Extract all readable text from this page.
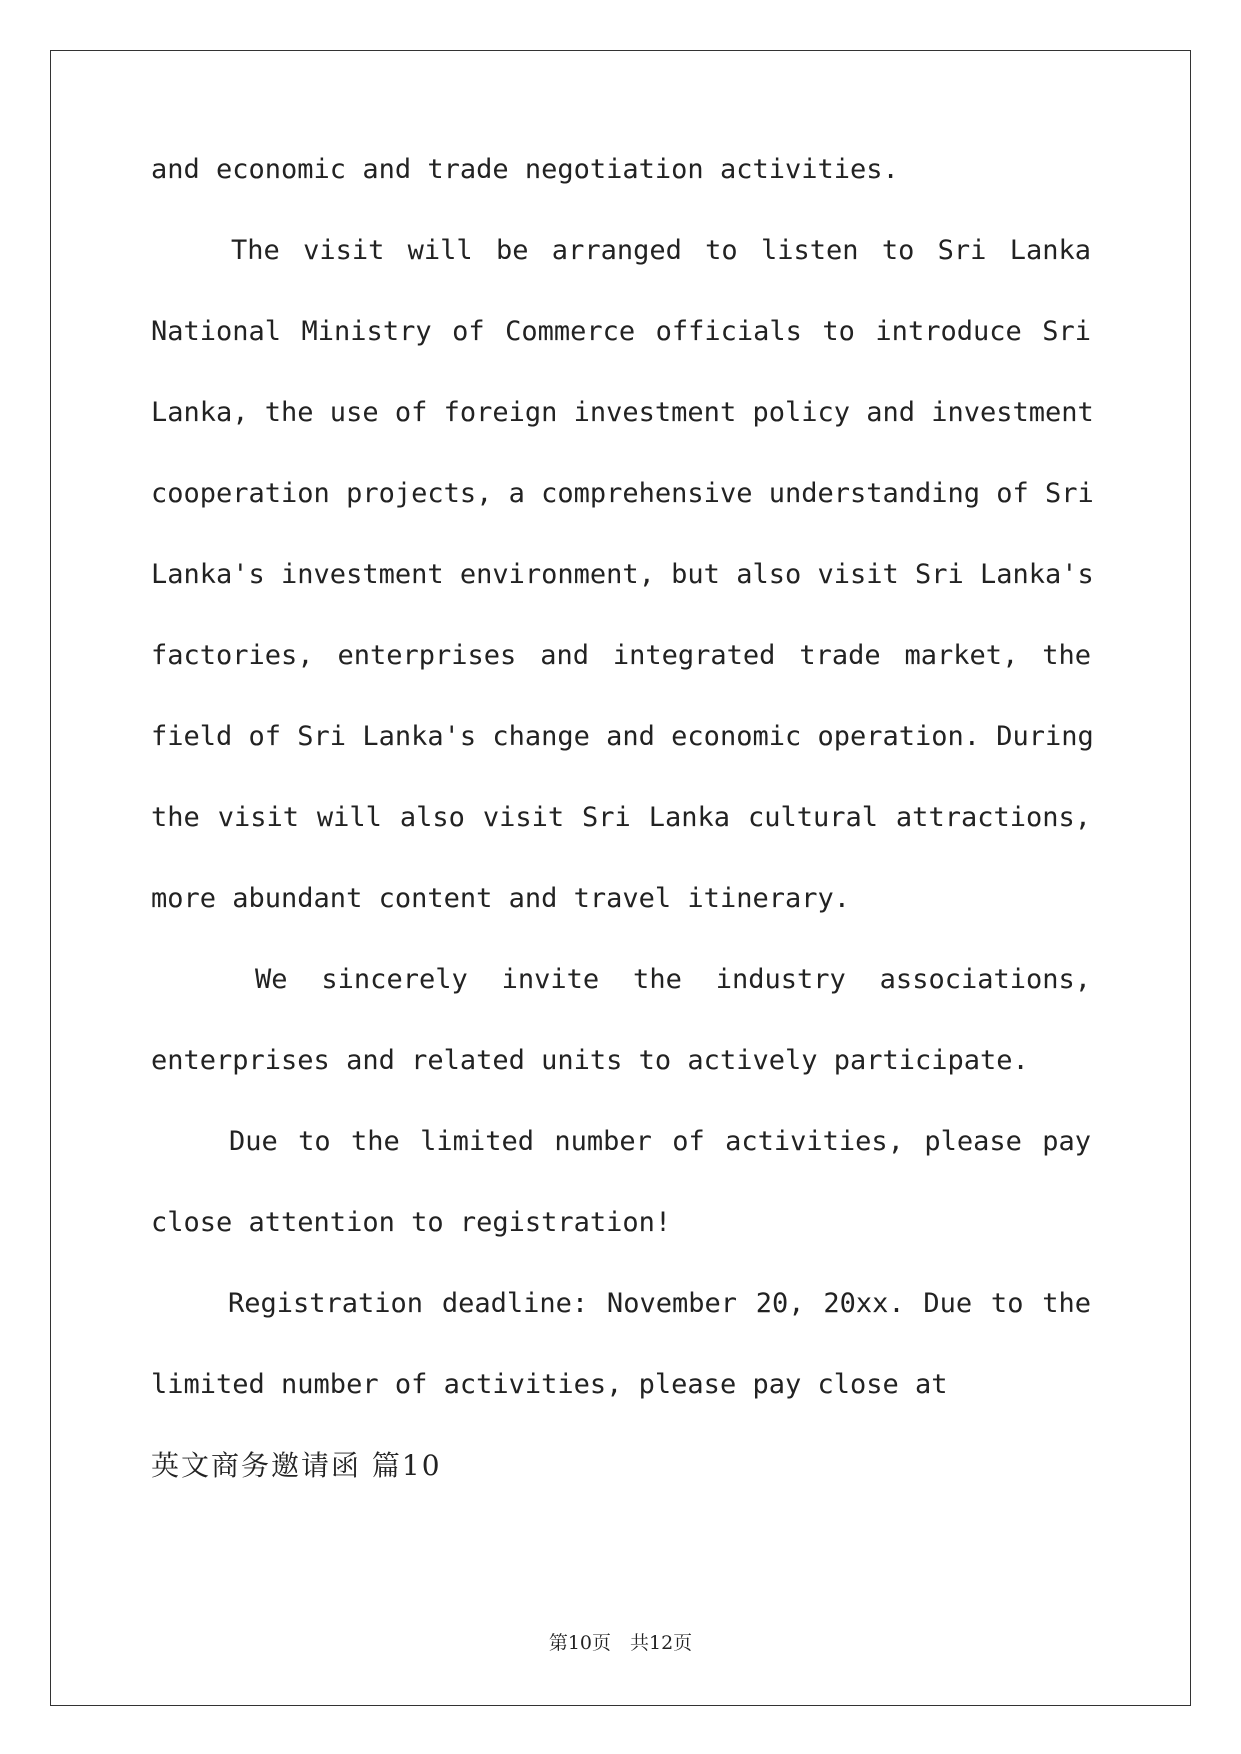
and economic and trade negotiation activities.
The visit will be arranged to listen to Sri Lanka
National Ministry of Commerce officials to introduce Sri
Lanka, the use of foreign investment policy and investment
cooperation projects, a comprehensive understanding of Sri
Lanka's investment environment, but also visit Sri Lanka's
factories, enterprises and integrated trade market, the
field of Sri Lanka's change and economic operation. During
the visit will also visit Sri Lanka cultural attractions,
more abundant content and travel itinerary.
We sincerely invite the industry associations,
enterprises and related units to actively participate.
Due to the limited number of activities, please pay
close attention to registration!
Registration deadline: November 20, 20xx. Due to the
limited number of activities, please pay close at
英文商务邀请函 篇10
第10页　共12页
